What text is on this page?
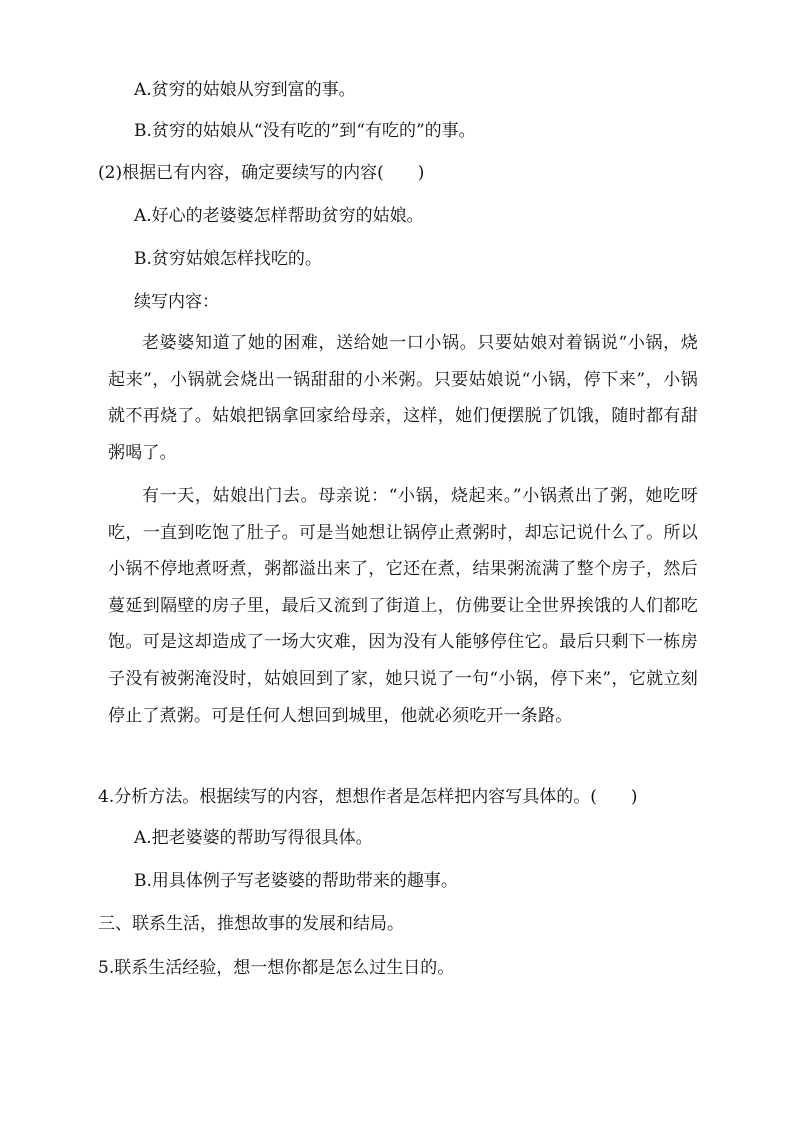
A.贫穷的姑娘从穷到富的事。
B.贫穷的姑娘从“没有吃的”到“有吃的”的事。
(2)根据已有内容，确定要续写的内容( )
A.好心的老婆婆怎样帮助贫穷的姑娘。
B.贫穷姑娘怎样找吃的。
续写内容：
老婆婆知道了她的困难，送给她一口小锅。只要姑娘对着锅说“小锅，烧起来”，小锅就会烧出一锅甜甜的小米粥。只要姑娘说“小锅，停下来”，小锅就不再烧了。姑娘把锅拿回家给母亲，这样，她们便摆脱了饥饿，随时都有甜粥喝了。
有一天，姑娘出门去。母亲说：“小锅，烧起来。”小锅煮出了粥，她吃呀吃，一直到吃饱了肚子。可是当她想让锅停止煮粥时，却忘记说什么了。所以小锅不停地煮呀煮，粥都溢出来了，它还在煮，结果粥流满了整个房子，然后蔓延到隔壁的房子里，最后又流到了街道上，仿佛要让全世界挨饿的人们都吃饱。可是这却造成了一场大灾难，因为没有人能够停住它。最后只剩下一栋房子没有被粥淹没时，姑娘回到了家，她只说了一句“小锅，停下来”，它就立刻停止了煮粥。可是任何人想回到城里，他就必须吃开一条路。
4.分析方法。根据续写的内容，想想作者是怎样把内容写具体的。( )
A.把老婆婆的帮助写得很具体。
B.用具体例子写老婆婆的帮助带来的趣事。
三、联系生活，推想故事的发展和结局。
5.联系生活经验，想一想你都是怎么过生日的。
